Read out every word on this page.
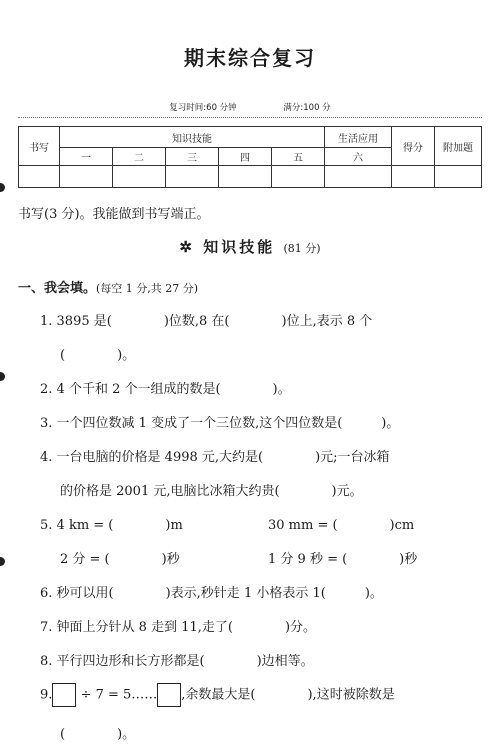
期末综合复习
复习时间:60 分钟	满分:100 分
书写	知识技能					生活应用	得分	附加题
	一	二	三	四	五	六		

书写(3 分)。我能做到书写端正。
✲ 知识技能 (81 分)
一、我会填。(每空 1 分,共 27 分)
1. 3895 是(　　　　)位数,8 在(　　　　)位上,表示 8 个
(　　　　)。
2. 4 个千和 2 个一组成的数是(　　　　)。
3. 一个四位数减 1 变成了一个三位数,这个四位数是(　　　)。
4. 一台电脑的价格是 4998 元,大约是(　　　　)元;一台冰箱
的价格是 2001 元,电脑比冰箱大约贵(　　　　)元。
5. 4 km = (　　　　)m	30 mm = (　　　　)cm
2 分 = (　　　　)秒	1 分 9 秒 = (　　　　)秒
6. 秒可以用(　　　　)表示,秒针走 1 小格表示 1(　　　)。
7. 钟面上分针从 8 走到 11,走了(　　　　)分。
8. 平行四边形和长方形都是(　　　　)边相等。
9. ÷ 7 = 5…… ,余数最大是(　　　　),这时被除数是
(　　　　)。
